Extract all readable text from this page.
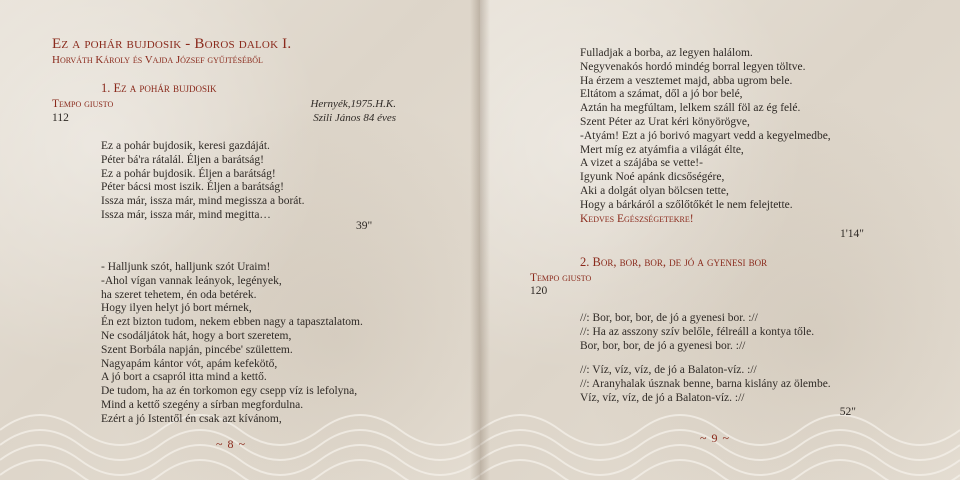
Ez a pohár bujdosik - Boros dalok I.
Horváth Károly és Vajda József gyűjtéséből
1. Ez a pohár bujdosik
Tempo giusto
112
Hernyék,1975.H.K.
Szili János 84 éves
Ez a pohár bujdosik, keresi gazdáját.
Péter bá'ra rátalál. Éljen a barátság!
Ez a pohár bujdosik. Éljen a barátság!
Péter bácsi most iszik. Éljen a barátság!
Issza már, issza már, mind megissza a borát.
Issza már, issza már, mind megitta…
39"
- Halljunk szót, halljunk szót Uraim!
-Ahol vígan vannak leányok, legények,
ha szeret tehetem, én oda betérek.
Hogy ilyen helyt jó bort mérnek,
Én ezt bizton tudom, nekem ebben nagy a tapasztalatom.
Ne csodáljátok hát, hogy a bort szeretem,
Szent Borbála napján, pincébe' születtem.
Nagyapám kántor vót, apám kefekötő,
A jó bort a csapról itta mind a kettő.
De tudom, ha az én torkomon egy csepp víz is lefolyna,
Mind a kettő szegény a sírban megfordulna.
Ezért a jó Istentől én csak azt kívánom,
~ 8 ~
Fulladjak a borba, az legyen halálom.
Negyvenakós hordó mindég borral legyen töltve.
Ha érzem a vesztemet majd, abba ugrom bele.
Eltátom a számat, dől a jó bor belé,
Aztán ha megfúltam, lelkem száll föl az ég felé.
Szent Péter az Urat kéri könyörögve,
-Atyám! Ezt a jó borivó magyart vedd a kegyelmedbe,
Mert míg ez atyámfia a világát élte,
A vizet a szájába se vette!-
Igyunk Noé apánk dicsőségére,
Aki a dolgát olyan bölcsen tette,
Hogy a bárkáról a szőlőtőkét le nem felejtette.
Kedves Egészségetekre!
1'14"
2. Bor, bor, bor, de jó a gyenesi bor
Tempo giusto
120
//: Bor, bor, bor, de jó a gyenesi bor. ://
//: Ha az asszony szív belőle, félreáll a kontya tőle.
Bor, bor, bor, de jó a gyenesi bor. ://
//: Víz, víz, víz, de jó a Balaton-víz. ://
//: Aranyhalak úsznak benne, barna kislány az ölembe.
Víz, víz, víz, de jó a Balaton-víz. ://
52"
~ 9 ~
